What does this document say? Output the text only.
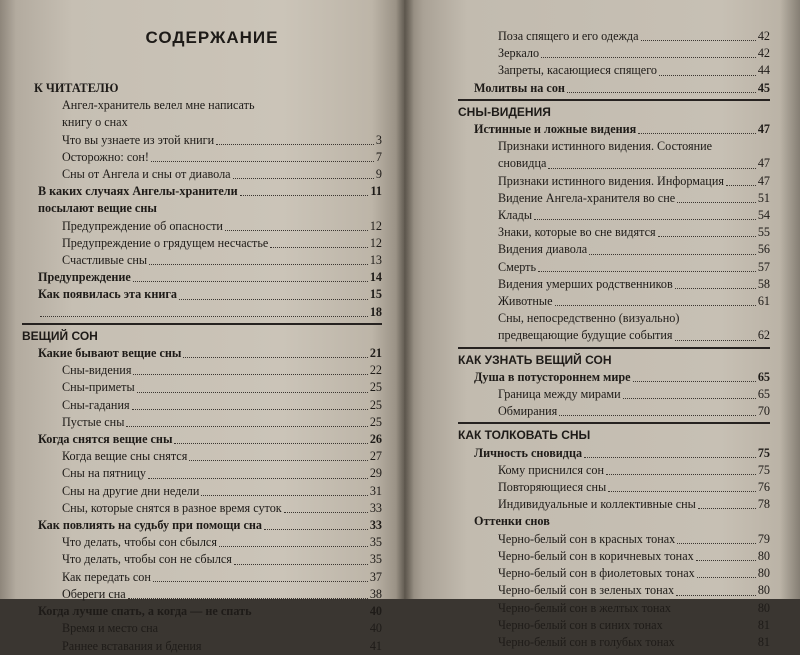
СОДЕРЖАНИЕ
К ЧИТАТЕЛЮ
Ангел-хранитель велел мне написать
книгу о снах
Что вы узнаете из этой книги	3
Осторожно: сон!	7
Сны от Ангела и сны от диавола	9
В каких случаях Ангелы-хранители	11
посылают вещие сны
Предупреждение об опасности	12
Предупреждение о грядущем несчастье	12
Счастливые сны	13
Предупреждение	14
Как появилась эта книга	15
18
ВЕЩИЙ СОН
Какие бывают вещие сны	21
Сны-видения	22
Сны-приметы	25
Сны-гадания	25
Пустые сны	25
Когда снятся вещие сны	26
Когда вещие сны снятся	27
Сны на пятницу	29
Сны на другие дни недели	31
Сны, которые снятся в разное время суток	33
Как повлиять на судьбу при помощи сна	33
Что делать, чтобы сон сбылся	35
Что делать, чтобы сон не сбылся	35
Как передать сон	37
Обереги сна	38
Когда лучше спать, а когда — не спать	40
Время и место сна	40
Раннее вставания и бдения	41
Поза спящего и его одежда	42
Зеркало	42
Запреты, касающиеся спящего	44
Молитвы на сон	45
СНЫ-ВИДЕНИЯ
Истинные и ложные видения	47
Признаки истинного видения. Состояние
сновидца	47
Признаки истинного видения. Информация	47
Видение Ангела-хранителя во сне	51
Клады	54
Знаки, которые во сне видятся	55
Видения диавола	56
Смерть	57
Видения умерших родственников	58
Животные	61
Сны, непосредственно (визуально)
предвещающие будущие события	62
КАК УЗНАТЬ ВЕЩИЙ СОН
Душа в потустороннем мире	65
Граница между мирами	65
Обмирания	70
КАК ТОЛКОВАТЬ СНЫ
Личность сновидца	75
Кому приснился сон	75
Повторяющиеся сны	76
Индивидуальные и коллективные сны	78
Оттенки снов
Черно-белый сон в красных тонах	79
Черно-белый сон в коричневых тонах	80
Черно-белый сон в фиолетовых тонах	80
Черно-белый сон в зеленых тонах	80
Черно-белый сон в желтых тонах	80
Черно-белый сон в синих тонах	81
Черно-белый сон в голубых тонах	81
